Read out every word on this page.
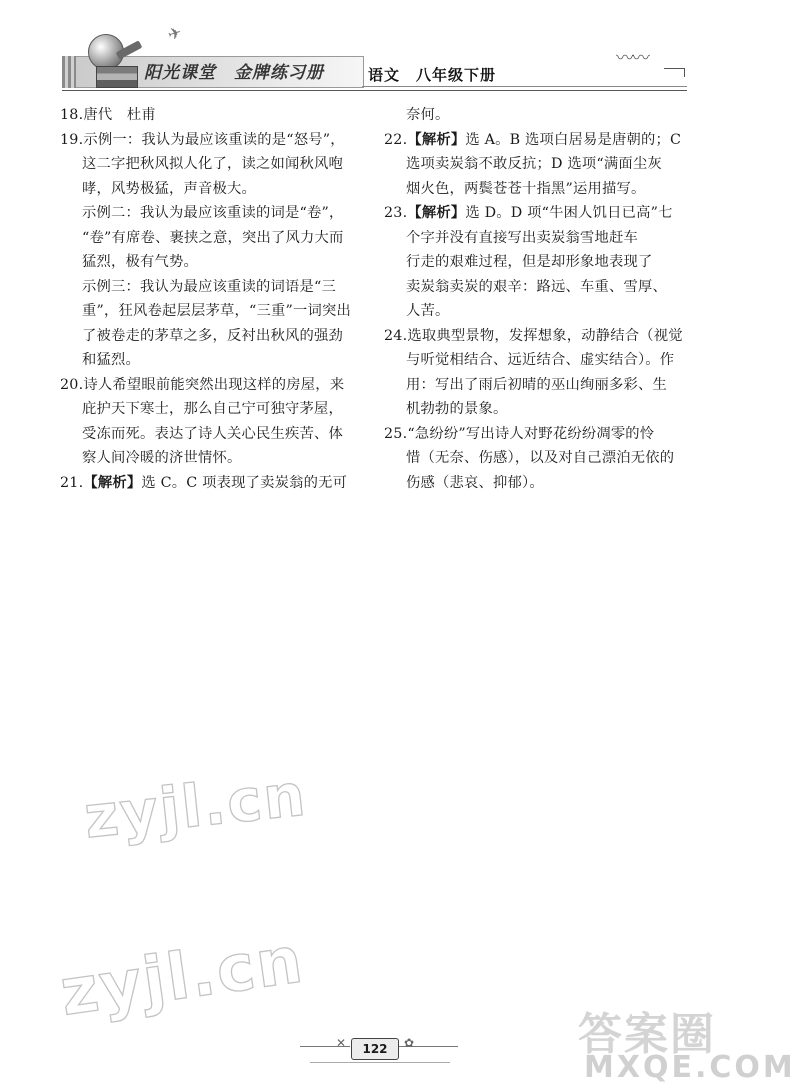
✈
阳光课堂　金牌练习册	语文　八年级下册
〰〰
18.唐代　杜甫
19.示例一：我认为最应该重读的是“怒号”，
这二字把秋风拟人化了，读之如闻秋风咆
哮，风势极猛，声音极大。
示例二：我认为最应该重读的词是“卷”，
“卷”有席卷、裹挟之意，突出了风力大而
猛烈，极有气势。
示例三：我认为最应该重读的词语是“三
重”，狂风卷起层层茅草，“三重”一词突出
了被卷走的茅草之多，反衬出秋风的强劲
和猛烈。
20.诗人希望眼前能突然出现这样的房屋，来
庇护天下寒士，那么自己宁可独守茅屋，
受冻而死。表达了诗人关心民生疾苦、体
察人间冷暖的济世情怀。
21.【解析】选 C。C 项表现了卖炭翁的无可
奈何。
22.【解析】选 A。B 选项白居易是唐朝的；C
选项卖炭翁不敢反抗；D 选项“满面尘灰
烟火色，两鬓苍苍十指黑”运用描写。
23.【解析】选 D。D 项“牛困人饥日已高”七
个字并没有直接写出卖炭翁雪地赶车
行走的艰难过程，但是却形象地表现了
卖炭翁卖炭的艰辛：路远、车重、雪厚、
人苦。
24.选取典型景物，发挥想象，动静结合（视觉
与听觉相结合、远近结合、虚实结合）。作
用：写出了雨后初晴的巫山绚丽多彩、生
机勃勃的景象。
25.“急纷纷”写出诗人对野花纷纷凋零的怜
惜（无奈、伤感），以及对自己漂泊无依的
伤感（悲哀、抑郁）。
zyjl.cn
zyjl.cn
答案圈
MXQE.COM
✕	✿
122
